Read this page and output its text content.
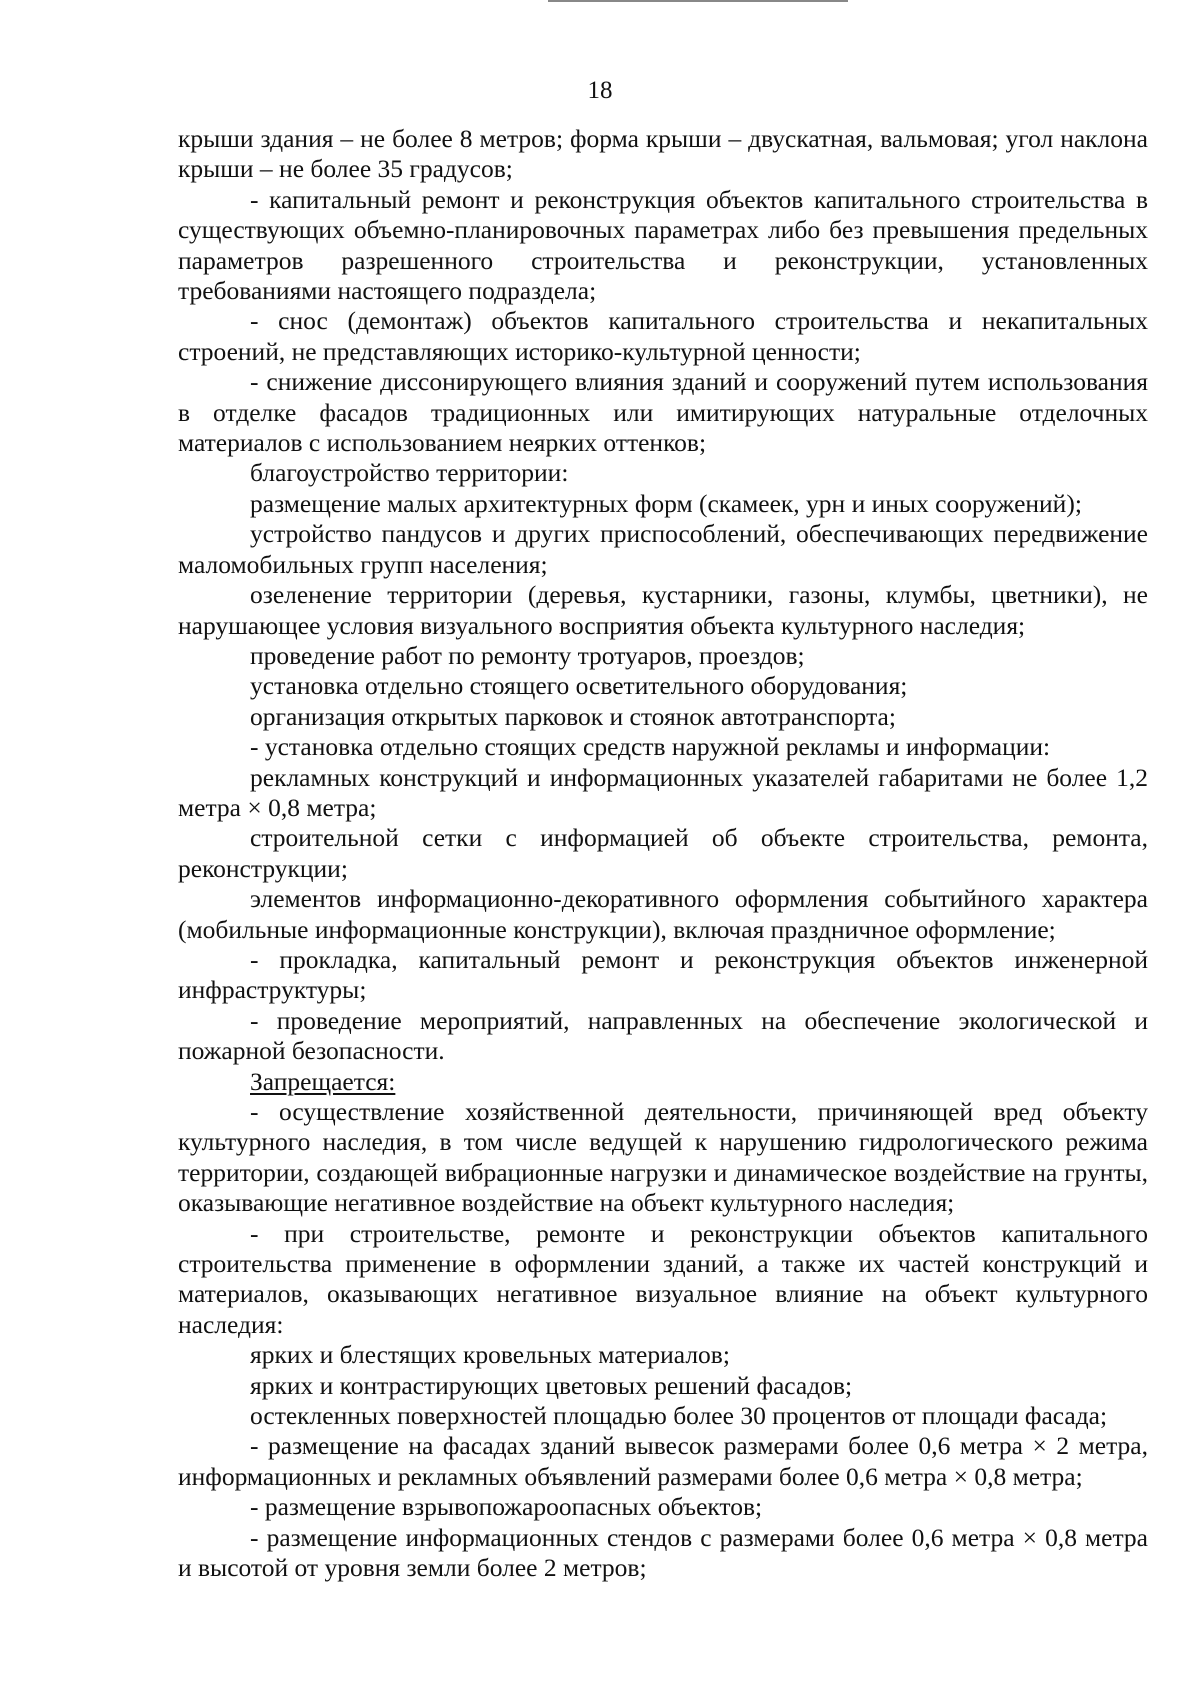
18

крыши здания – не более 8 метров; форма крыши – двускатная, вальмовая; угол наклона крыши – не более 35 градусов;

- капитальный ремонт и реконструкция объектов капитального строительства в существующих объемно-планировочных параметрах либо без превышения предельных параметров разрешенного строительства и реконструкции, установленных требованиями настоящего подраздела;

- снос (демонтаж) объектов капитального строительства и некапитальных строений, не представляющих историко-культурной ценности;

- снижение диссонирующего влияния зданий и сооружений путем использования в отделке фасадов традиционных или имитирующих натуральные отделочных материалов с использованием неярких оттенков;

благоустройство территории:

размещение малых архитектурных форм (скамеек, урн и иных сооружений);

устройство пандусов и других приспособлений, обеспечивающих передвижение маломобильных групп населения;

озеленение территории (деревья, кустарники, газоны, клумбы, цветники), не нарушающее условия визуального восприятия объекта культурного наследия;

проведение работ по ремонту тротуаров, проездов;

установка отдельно стоящего осветительного оборудования;

организация открытых парковок и стоянок автотранспорта;

- установка отдельно стоящих средств наружной рекламы и информации:

рекламных конструкций и информационных указателей габаритами не более 1,2 метра × 0,8 метра;

строительной сетки с информацией об объекте строительства, ремонта, реконструкции;

элементов информационно-декоративного оформления событийного характера (мобильные информационные конструкции), включая праздничное оформление;

- прокладка, капитальный ремонт и реконструкция объектов инженерной инфраструктуры;

- проведение мероприятий, направленных на обеспечение экологической и пожарной безопасности.

Запрещается:

- осуществление хозяйственной деятельности, причиняющей вред объекту культурного наследия, в том числе ведущей к нарушению гидрологического режима территории, создающей вибрационные нагрузки и динамическое воздействие на грунты, оказывающие негативное воздействие на объект культурного наследия;

- при строительстве, ремонте и реконструкции объектов капитального строительства применение в оформлении зданий, а также их частей конструкций и материалов, оказывающих негативное визуальное влияние на объект культурного наследия:

ярких и блестящих кровельных материалов;

ярких и контрастирующих цветовых решений фасадов;

остекленных поверхностей площадью более 30 процентов от площади фасада;

- размещение на фасадах зданий вывесок размерами более 0,6 метра × 2 метра, информационных и рекламных объявлений размерами более 0,6 метра × 0,8 метра;

- размещение взрывопожароопасных объектов;

- размещение информационных стендов с размерами более 0,6 метра × 0,8 метра и высотой от уровня земли более 2 метров;
